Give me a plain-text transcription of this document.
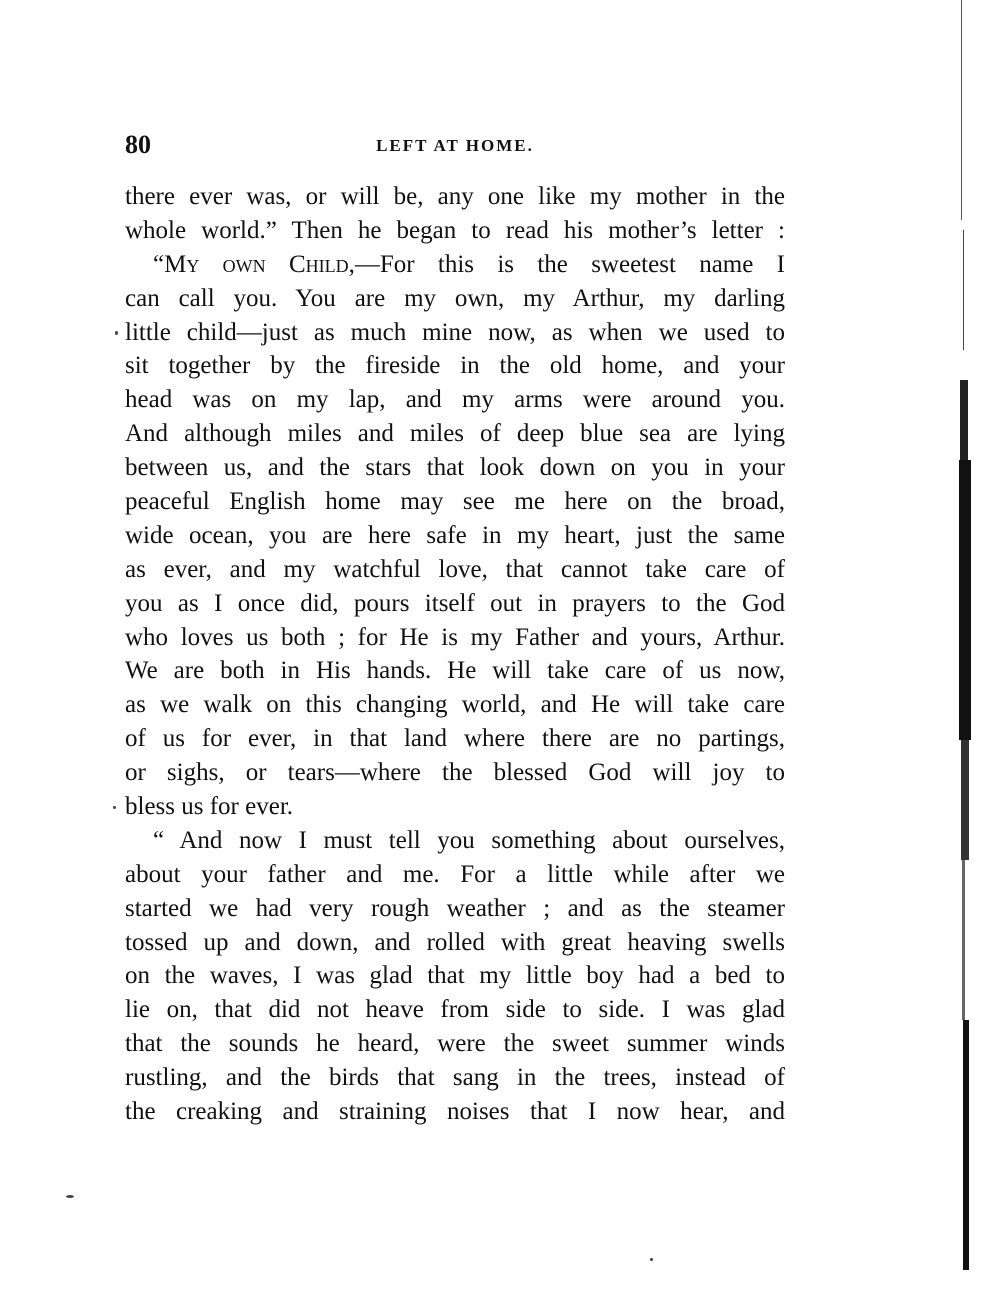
80	LEFT AT HOME.
there ever was, or will be, any one like my mother in the
whole world.” Then he began to read his mother’s letter :
“My own Child,—For this is the sweetest name I
can call you. You are my own, my Arthur, my darling
little child—just as much mine now, as when we used to
sit together by the fireside in the old home, and your
head was on my lap, and my arms were around you.
And although miles and miles of deep blue sea are lying
between us, and the stars that look down on you in your
peaceful English home may see me here on the broad,
wide ocean, you are here safe in my heart, just the same
as ever, and my watchful love, that cannot take care of
you as I once did, pours itself out in prayers to the God
who loves us both ; for He is my Father and yours, Arthur.
We are both in His hands. He will take care of us now,
as we walk on this changing world, and He will take care
of us for ever, in that land where there are no partings,
or sighs, or tears—where the blessed God will joy to
bless us for ever.
“ And now I must tell you something about ourselves,
about your father and me. For a little while after we
started we had very rough weather ; and as the steamer
tossed up and down, and rolled with great heaving swells
on the waves, I was glad that my little boy had a bed to
lie on, that did not heave from side to side. I was glad
that the sounds he heard, were the sweet summer winds
rustling, and the birds that sang in the trees, instead of
the creaking and straining noises that I now hear, and
